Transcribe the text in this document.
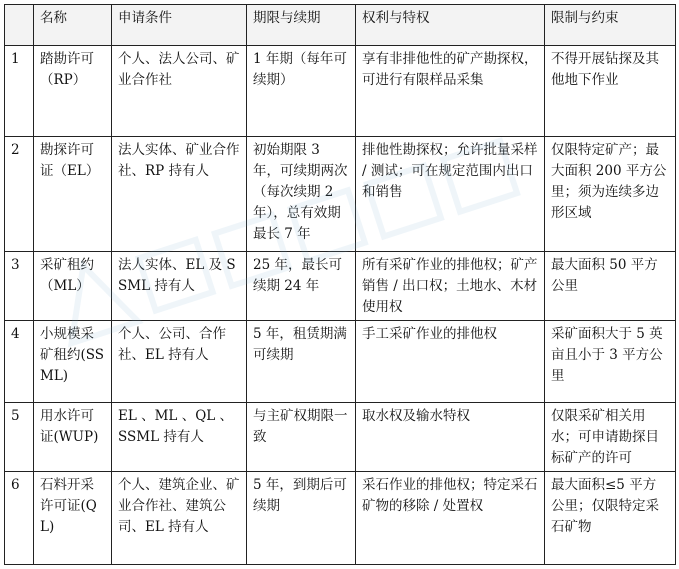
	名称	申请条件	期限与续期	权利与特权	限制与约束
1	踏勘许可（RP）	个人、法人公司、矿业合作社	1 年期（每年可续期）	享有非排他性的矿产勘探权，可进行有限样品采集	不得开展钻探及其他地下作业
2	勘探许可证（EL）	法人实体、矿业合作社、RP 持有人	初始期限 3 年，可续期两次（每次续期 2 年），总有效期最长 7 年	排他性勘探权；允许批量采样 / 测试；可在规定范围内出口和销售	仅限特定矿产；最大面积 200 平方公里；须为连续多边形区域
3	采矿租约（ML）	法人实体、EL 及 SSML 持有人	25 年，最长可续期 24 年	所有采矿作业的排他权；矿产销售 / 出口权；土地水、木材使用权	最大面积 50 平方公里
4	小规模采矿租约(SSML)	个人、公司、合作社、EL 持有人	5 年，租赁期满可续期	手工采矿作业的排他权	采矿面积大于 5 英亩且小于 3 平方公里
5	用水许可证(WUP)	EL 、ML 、QL 、SSML 持有人	与主矿权期限一致	取水权及输水特权	仅限采矿相关用水；可申请勘探目标矿产的许可
6	石料开采许可证(QL)	个人、建筑企业、矿业合作社、建筑公司、EL 持有人	5 年，到期后可续期	采石作业的排他权；特定采石矿物的移除 / 处置权	最大面积≤5 平方公里；仅限特定采石矿物
